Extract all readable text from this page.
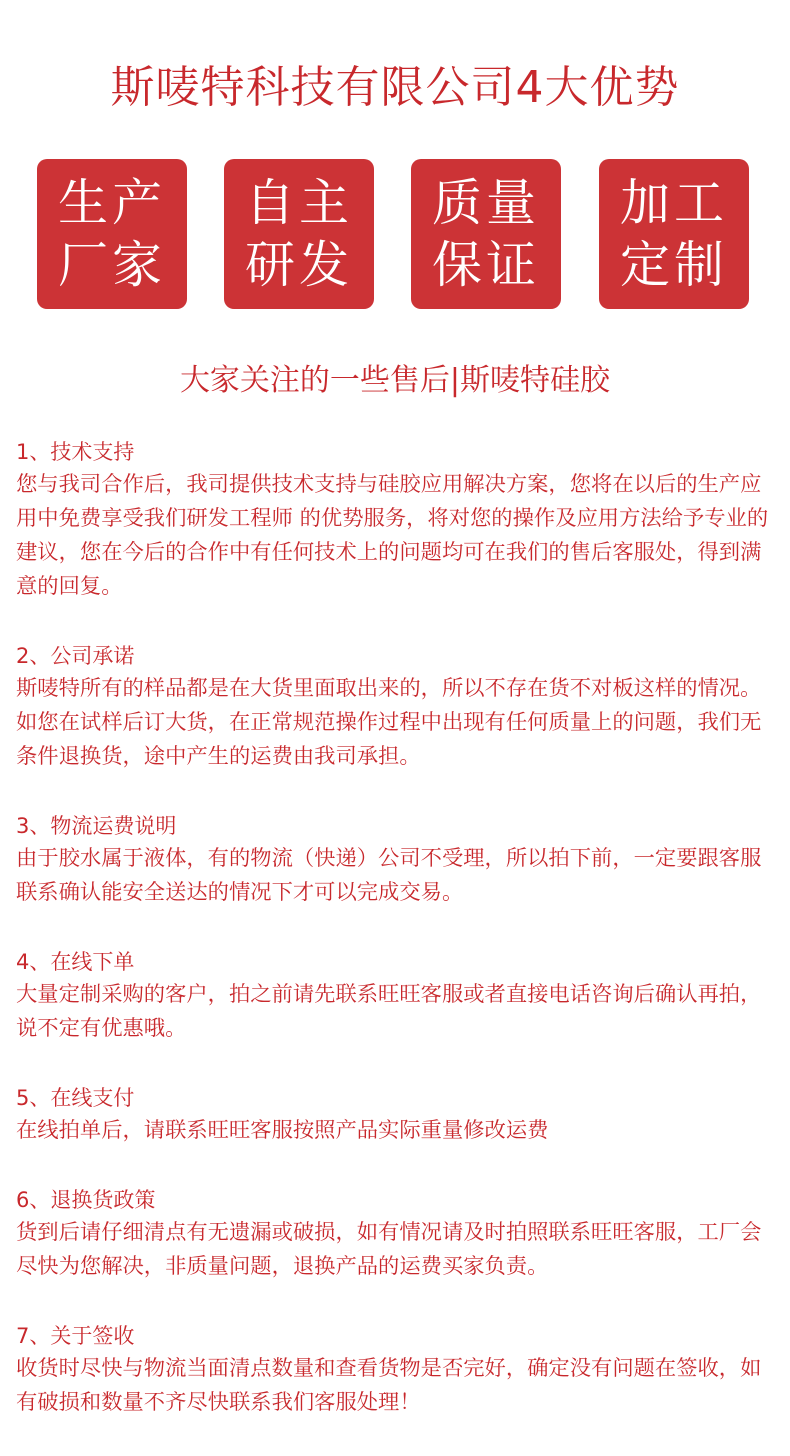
斯唛特科技有限公司4大优势
生产
厂家
自主
研发
质量
保证
加工
定制
大家关注的一些售后|斯唛特硅胶
1、技术支持

您与我司合作后，我司提供技术支持与硅胶应用解决方案，您将在以后的生产应用中免费享受我们研发工程师 的优势服务，将对您的操作及应用方法给予专业的建议，您在今后的合作中有任何技术上的问题均可在我们的售后客服处，得到满意的回复。

2、公司承诺

斯唛特所有的样品都是在大货里面取出来的，所以不存在货不对板这样的情况。如您在试样后订大货，在正常规范操作过程中出现有任何质量上的问题，我们无条件退换货，途中产生的运费由我司承担。

3、物流运费说明

由于胶水属于液体，有的物流（快递）公司不受理，所以拍下前，一定要跟客服联系确认能安全送达的情况下才可以完成交易。

4、在线下单

大量定制采购的客户，拍之前请先联系旺旺客服或者直接电话咨询后确认再拍，说不定有优惠哦。

5、在线支付

在线拍单后，请联系旺旺客服按照产品实际重量修改运费

6、退换货政策

货到后请仔细清点有无遗漏或破损，如有情况请及时拍照联系旺旺客服，工厂会尽快为您解决，非质量问题，退换产品的运费买家负责。

7、关于签收

收货时尽快与物流当面清点数量和查看货物是否完好，确定没有问题在签收，如有破损和数量不齐尽快联系我们客服处理！
